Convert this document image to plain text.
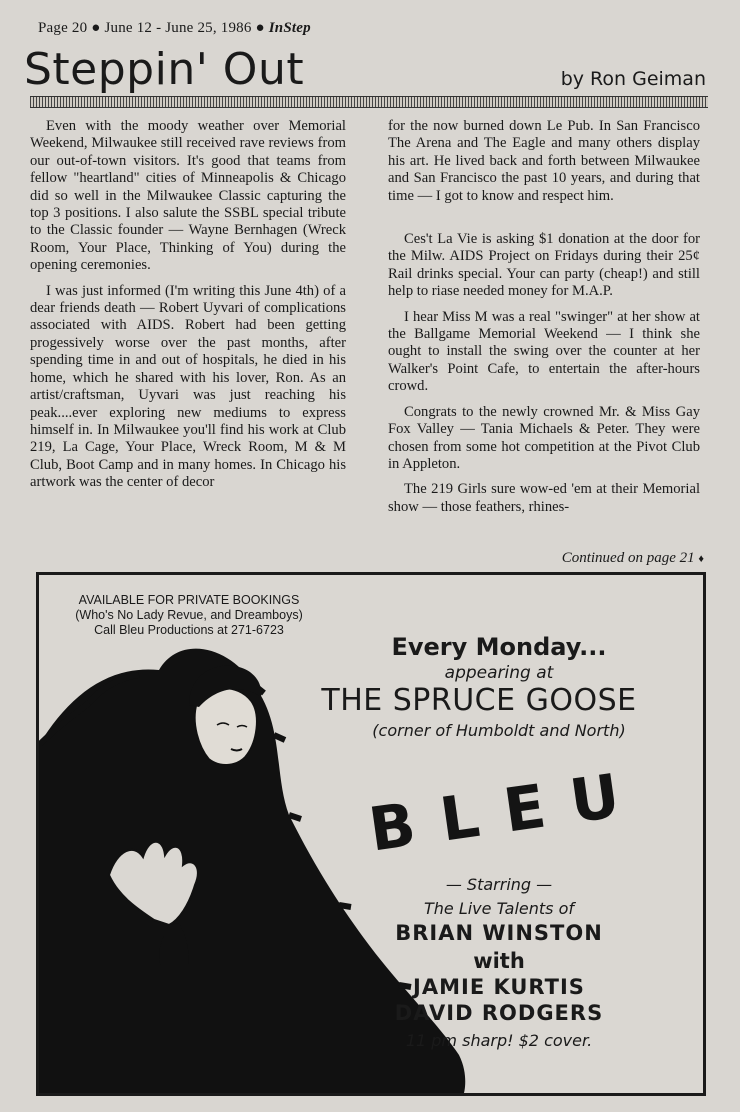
Page 20 ● June 12 - June 25, 1986 ● InStep
Steppin' Out	by Ron Geiman

Even with the moody weather over Memorial Weekend, Milwaukee still received rave reviews from our out-of-town visitors. It's good that teams from fellow "heartland" cities of Minneapolis & Chicago did so well in the Milwaukee Classic capturing the top 3 positions. I also salute the SSBL special tribute to the Classic founder — Wayne Bernhagen (Wreck Room, Your Place, Thinking of You) during the opening ceremonies.

I was just informed (I'm writing this June 4th) of a dear friends death — Robert Uyvari of complications associated with AIDS. Robert had been getting progessively worse over the past months, after spending time in and out of hospitals, he died in his home, which he shared with his lover, Ron. As an artist/craftsman, Uyvari was just reaching his peak....ever exploring new mediums to express himself in. In Milwaukee you'll find his work at Club 219, La Cage, Your Place, Wreck Room, M & M Club, Boot Camp and in many homes. In Chicago his artwork was the center of decor

for the now burned down Le Pub. In San Francisco The Arena and The Eagle and many others display his art. He lived back and forth between Milwaukee and San Francisco the past 10 years, and during that time — I got to know and respect him.

Ces't La Vie is asking $1 donation at the door for the Milw. AIDS Project on Fridays during their 25¢ Rail drinks special. Your can party (cheap!) and still help to riase needed money for M.A.P.

I hear Miss M was a real "swinger" at her show at the Ballgame Memorial Weekend — I think she ought to install the swing over the counter at her Walker's Point Cafe, to entertain the after-hours crowd.

Congrats to the newly crowned Mr. & Miss Gay Fox Valley — Tania Michaels & Peter. They were chosen from some hot competition at the Pivot Club in Appleton.

The 219 Girls sure wow-ed 'em at their Memorial show — those feathers, rhines-

Continued on page 21 ♦
AVAILABLE FOR PRIVATE BOOKINGS
(Who's No Lady Revue, and Dreamboys)
Call Bleu Productions at 271-6723
Every Monday...
appearing at
THE SPRUCE GOOSE
(corner of Humboldt and North)
BLEU
— Starring —
The Live Talents of
BRIAN WINSTON
with
JAMIE KURTIS
DAVID RODGERS
11 pm sharp! $2 cover.
